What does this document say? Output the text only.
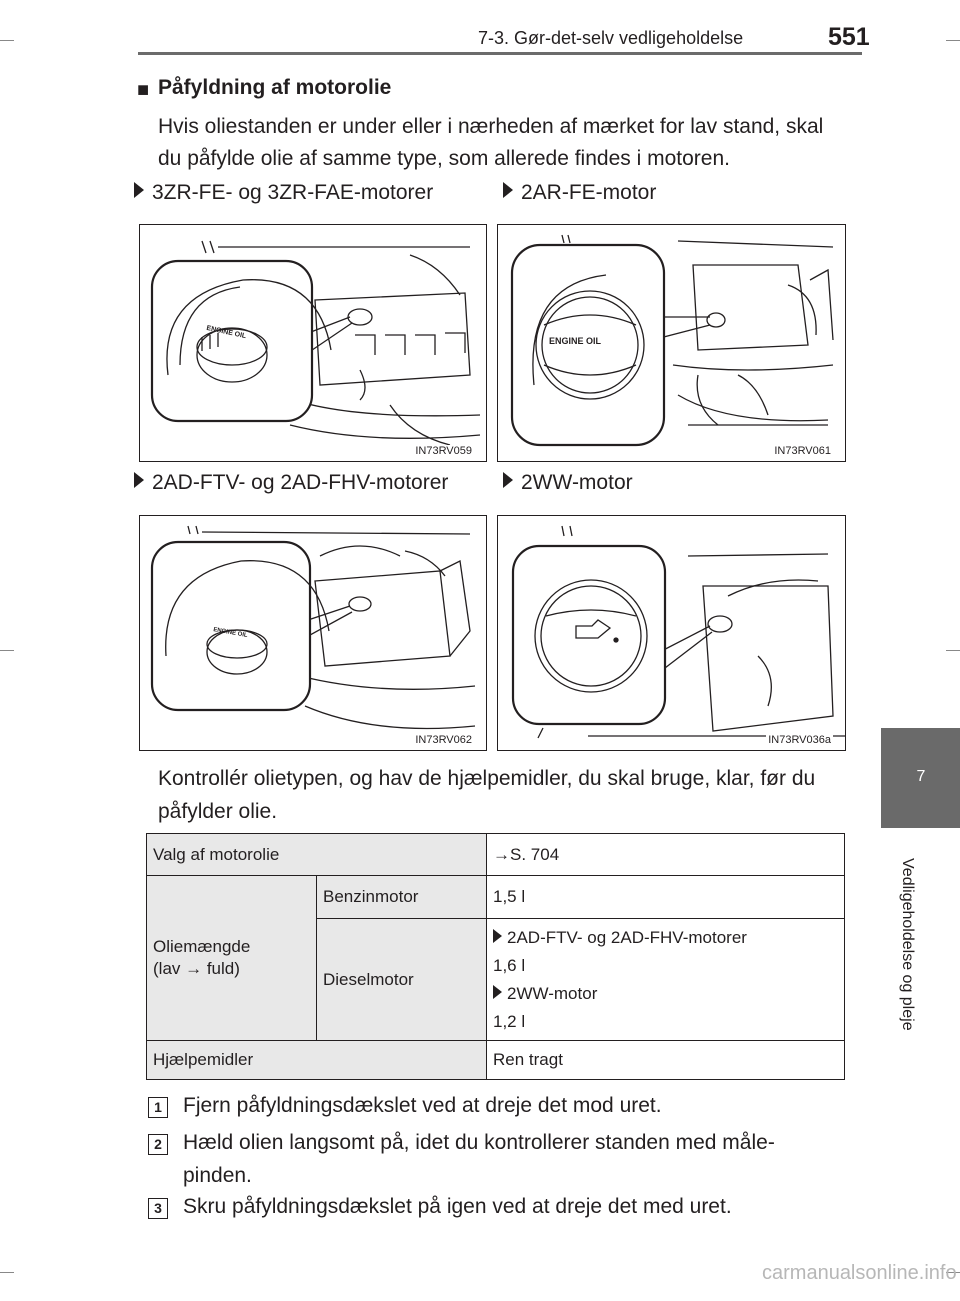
7-3. Gør-det-selv vedligeholdelse	551
7
Vedligeholdelse og pleje
■ Påfyldning af motorolie
Hvis oliestanden er under eller i nærheden af mærket for lav stand, skal du påfylde olie af samme type, som allerede findes i motoren.
3ZR-FE- og 3ZR-FAE-motorer	2AR-FE-motor
2AD-FTV- og 2AD-FHV-motorer	2WW-motor
ENGINE OIL
IN73RV059
ENGINE OIL
IN73RV061
ENGINE OIL
IN73RV062	IN73RV036a
Kontrollér olietypen, og hav de hjælpemidler, du skal bruge, klar, før du påfylder olie.
Valg af motorolie		→S. 704
Oliemængde
(lav → fuld)	Benzinmotor	1,5 l
	Dieselmotor	2AD-FTV- og 2AD-FHV-motorer
1,6 l
2WW-motor
1,2 l

Hjælpemidler		Ren tragt
1 Fjern påfyldningsdækslet ved at dreje det mod uret.
2 Hæld olien langsomt på, idet du kontrollerer standen med måle-pinden.
3 Skru påfyldningsdækslet på igen ved at dreje det med uret.
carmanualsonline.info
